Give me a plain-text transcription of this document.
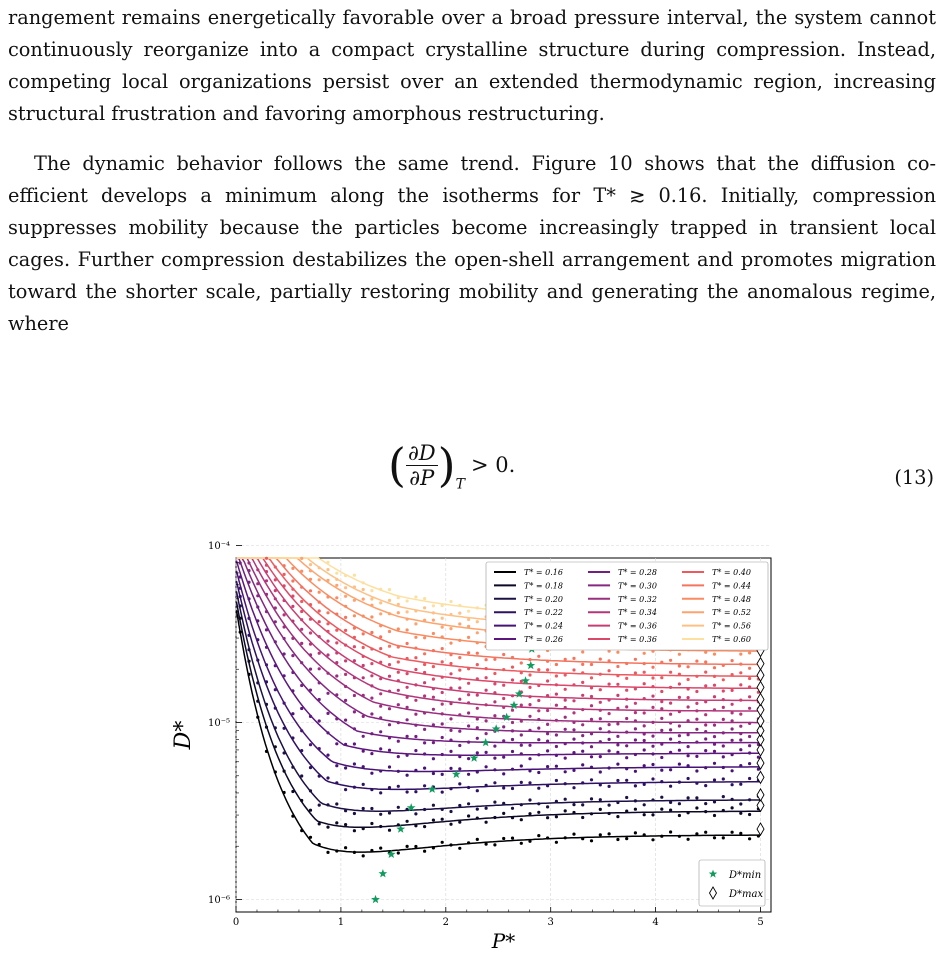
rangement remains energetically favorable over a broad pressure interval, the system cannot
continuously reorganize into a compact crystalline structure during compression. Instead,
competing local organizations persist over an extended thermodynamic region, increasing
structural frustration and favoring amorphous restructuring.
The dynamic behavior follows the same trend. Figure 10 shows that the diffusion co-
efficient develops a minimum along the isotherms for T* ≳ 0.16. Initially, compression
suppresses mobility because the particles become increasingly trapped in transient local
cages. Further compression destabilizes the open-shell arrangement and promotes migration
toward the shorter scale, partially restoring mobility and generating the anomalous regime,
where
( $\frac{\partial D}{\partial P} )_T> 0$.
(13)
0	1	2	3	4	5
10⁻⁶
10⁻⁵
10⁻⁴
T* = 0.16
T* = 0.18
T* = 0.20
T* = 0.22
T* = 0.24
T* = 0.26
T* = 0.28
T* = 0.30
T* = 0.32
T* = 0.34
T* = 0.36
T* = 0.36
T* = 0.40
T* = 0.44
T* = 0.48
T* = 0.52
T* = 0.56
T* = 0.60
D*min
D*max
P*
D*
